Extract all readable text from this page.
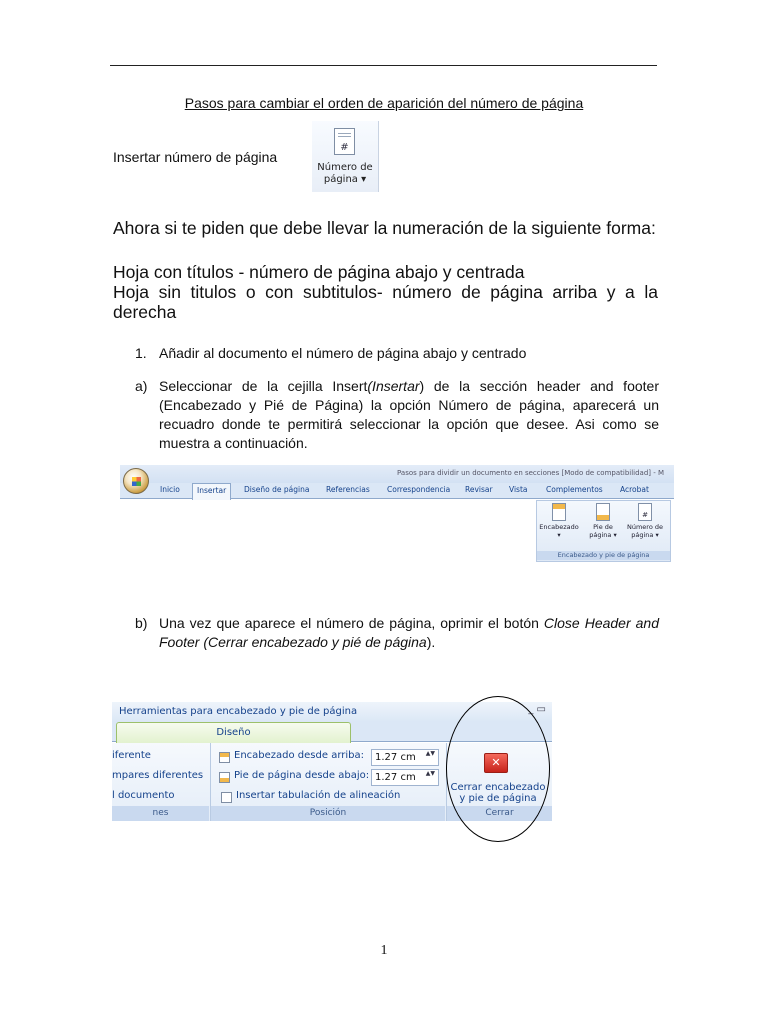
Pasos para cambiar el orden de aparición del número de página
Insertar número de página
#
Número de
página ▾
Ahora si te piden que debe llevar la numeración de la siguiente forma:
Hoja con títulos - número de página abajo y centrada
Hoja sin titulos o con subtitulos- número de página arriba y a la derecha
1. Añadir al documento el número de página abajo y centrado
a) Seleccionar de la cejilla Insert(Insertar) de la sección header and footer (Encabezado y Pié de Página) la opción Número de página, aparecerá un recuadro donde te permitirá seleccionar la opción que desee. Asi como se muestra a continuación.
Pasos para dividir un documento en secciones [Modo de compatibilidad] - M
Inicio	Insertar	Diseño de página Referencias Correspondencia Revisar Vista Complementos Acrobat
Encabezado
▾
Pie de
página ▾
#
Número de
página ▾
Encabezado y pie de página
b) Una vez que aparece el número de página, oprimir el botón Close Header and Footer (Cerrar encabezado y pié de página).
Herramientas para encabezado y pie de página	_ ▭
Diseño
iferente
mpares diferentes
l documento
nes
Encabezado desde arriba:	1.27 cm ▲▼
Pie de página desde abajo: 1.27 cm ▲▼
Insertar tabulación de alineación
Posición
✕
Cerrar encabezado
y pie de página
Cerrar
1
